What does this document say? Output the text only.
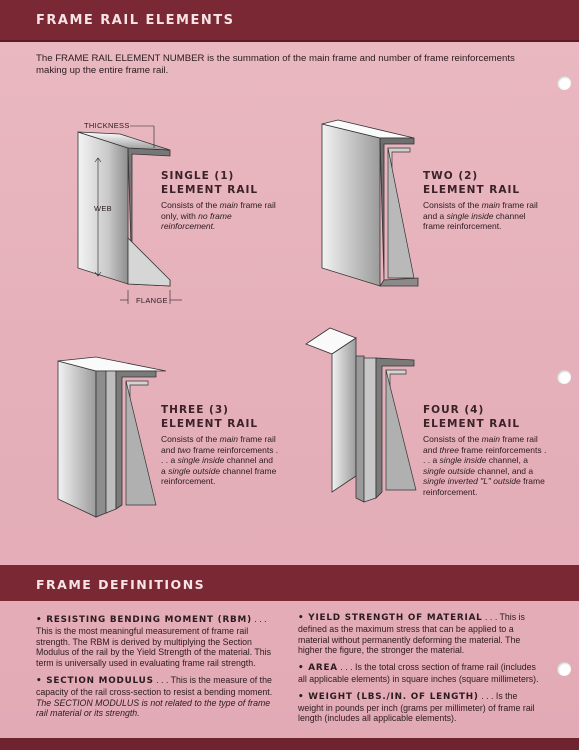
FRAME RAIL ELEMENTS

The FRAME RAIL ELEMENT NUMBER is the summation of the main frame and number of frame reinforcements making up the entire frame rail.

THICKNESS
WEB
FLANGE
SINGLE (1)
ELEMENT RAIL
Consists of the main frame rail only, with no frame reinforcement.
TWO (2)
ELEMENT RAIL
Consists of the main frame rail and a single inside channel frame reinforcement.
THREE (3)
ELEMENT RAIL
Consists of the main frame rail and two frame reinforcements . . . a single inside channel and a single outside channel frame reinforcement.
FOUR (4)
ELEMENT RAIL
Consists of the main frame rail and three frame reinforcements . . . a single inside channel, a single outside channel, and a single inverted "L" outside frame reinforcement.
FRAME DEFINITIONS

• RESISTING BENDING MOMENT (RBM) . . . This is the most meaningful measurement of frame rail strength. The RBM is derived by multiplying the Section Modulus of the rail by the Yield Strength of the material. This term is universally used in evaluating frame rail strength.

• SECTION MODULUS . . . This is the measure of the capacity of the rail cross-section to resist a bending moment. The SECTION MODULUS is not related to the type of frame rail material or its strength.

• YIELD STRENGTH OF MATERIAL . . . This is defined as the maximum stress that can be applied to a material without permanently deforming the material. The higher the figure, the stronger the material.

• AREA . . . Is the total cross section of frame rail (includes all applicable elements) in square inches (square millimeters).

• WEIGHT (LBS./IN. OF LENGTH) . . . Is the weight in pounds per inch (grams per millimeter) of frame rail length (includes all applicable elements).
